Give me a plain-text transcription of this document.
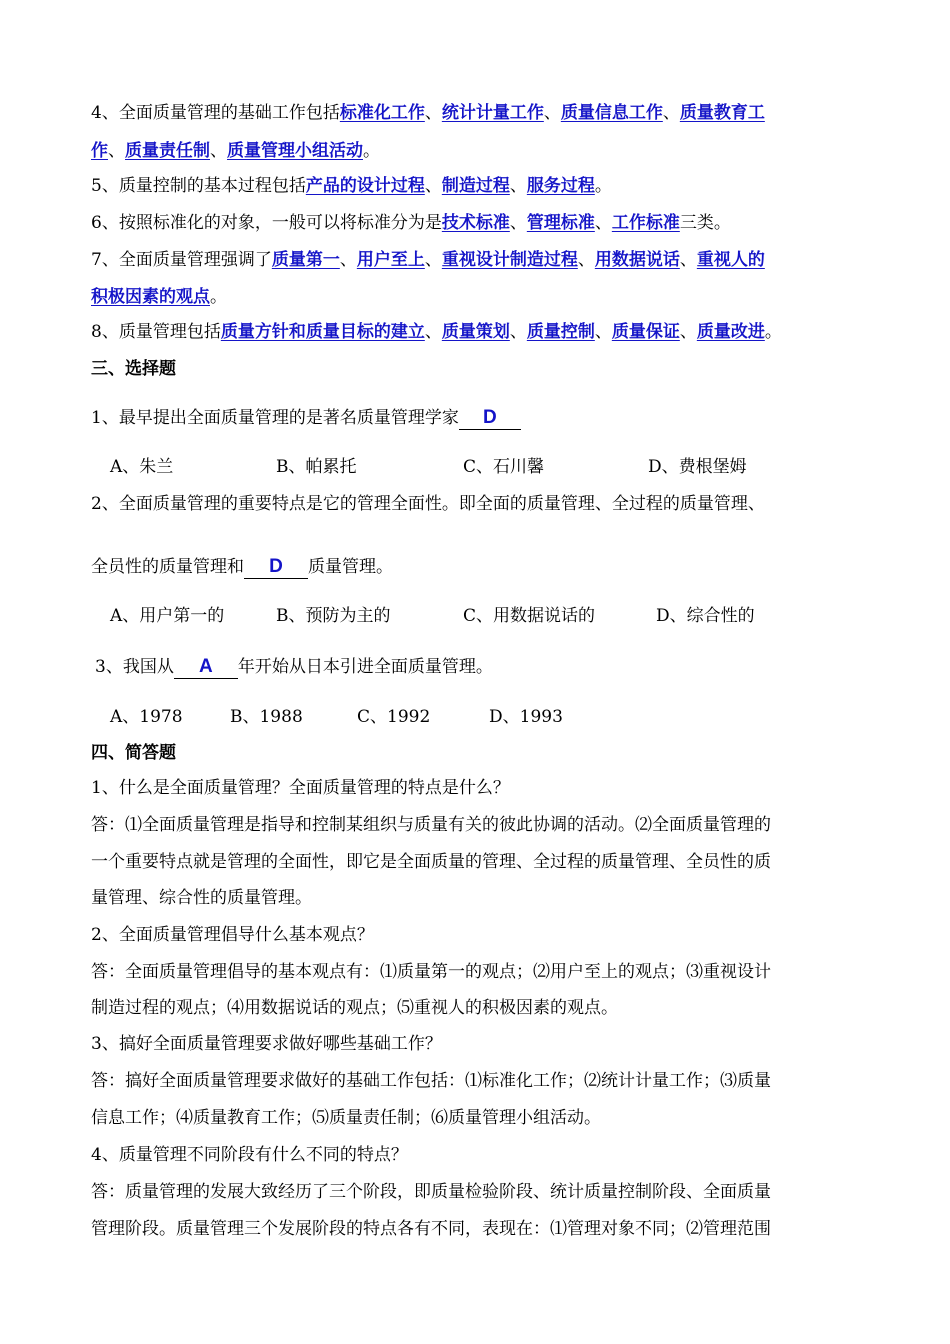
4、全面质量管理的基础工作包括标准化工作、统计计量工作、质量信息工作、质量教育工
作、质量责任制、质量管理小组活动。
5、质量控制的基本过程包括产品的设计过程、制造过程、服务过程。
6、按照标准化的对象，一般可以将标准分为是技术标准、管理标准、工作标准三类。
7、全面质量管理强调了质量第一、用户至上、重视设计制造过程、用数据说话、重视人的
积极因素的观点。
8、质量管理包括质量方针和质量目标的建立、质量策划、质量控制、质量保证、质量改进。
三、选择题
1、最早提出全面质量管理的是著名质量管理学家 D
A、朱兰	B、帕累托	C、石川馨	D、费根堡姆
2、全面质量管理的重要特点是它的管理全面性。即全面的质量管理、全过程的质量管理、
全员性的质量管理和 D 质量管理。
A、用户第一的	B、预防为主的	C、用数据说话的	D、综合性的
3、我国从 A 年开始从日本引进全面质量管理。
A、1978	B、1988	C、1992	D、1993
四、简答题
1、什么是全面质量管理？全面质量管理的特点是什么？
答：⑴全面质量管理是指导和控制某组织与质量有关的彼此协调的活动。⑵全面质量管理的
一个重要特点就是管理的全面性，即它是全面质量的管理、全过程的质量管理、全员性的质
量管理、综合性的质量管理。
2、全面质量管理倡导什么基本观点？
答：全面质量管理倡导的基本观点有：⑴质量第一的观点；⑵用户至上的观点；⑶重视设计
制造过程的观点；⑷用数据说话的观点；⑸重视人的积极因素的观点。
3、搞好全面质量管理要求做好哪些基础工作？
答：搞好全面质量管理要求做好的基础工作包括：⑴标准化工作；⑵统计计量工作；⑶质量
信息工作；⑷质量教育工作；⑸质量责任制；⑹质量管理小组活动。
4、质量管理不同阶段有什么不同的特点？
答：质量管理的发展大致经历了三个阶段，即质量检验阶段、统计质量控制阶段、全面质量
管理阶段。质量管理三个发展阶段的特点各有不同，表现在：⑴管理对象不同；⑵管理范围
